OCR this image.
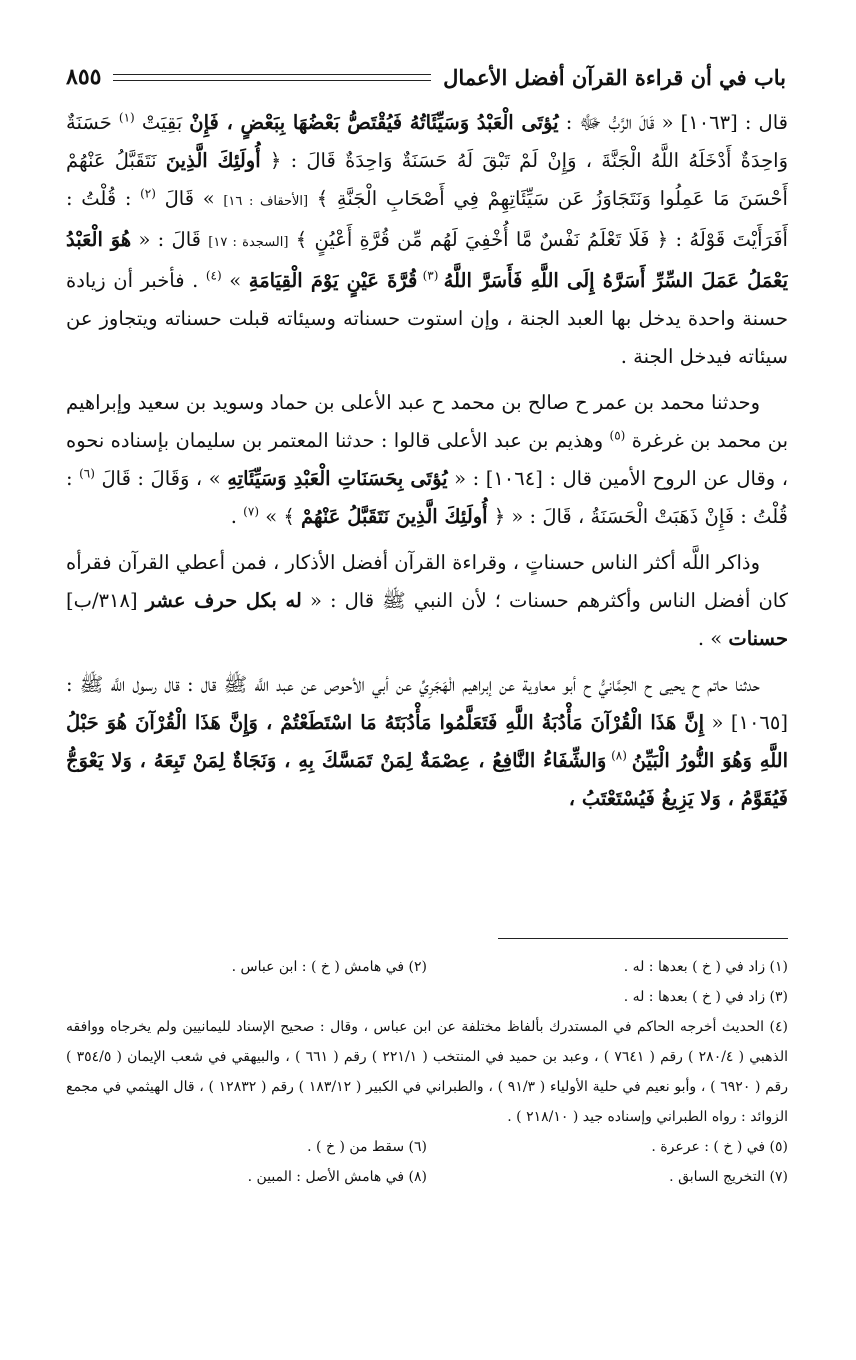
باب في أن قراءة القرآن أفضل الأعمال
٨٥٥

قال : [١٠٦٣] « قَالَ الرَّبُّ ﷻ : يُؤتَى الْعَبْدُ وَسَيِّئَاتُهُ فَيُقْتَصُّ بَعْضُهَا بِبَعْضٍ ، فَإِنْ بَقِيَتْ $^{(١)}$ حَسَنَةٌ وَاحِدَةٌ أَدْخَلَهُ اللَّهُ الْجَنَّةَ ، وَإِنْ لَمْ تَبْقَ لَهُ حَسَنَةٌ وَاحِدَةٌ قَالَ : ﴿ أُولَئِكَ الَّذِينَ نَتَقَبَّلُ عَنْهُمْ أَحْسَنَ مَا عَمِلُوا وَنَتَجَاوَزُ عَن سَيِّئَاتِهِمْ فِي أَصْحَابِ الْجَنَّةِ ﴾ [الأحقاف : ١٦] » قَالَ $^{(٢)}$ : قُلْتُ : أَفَرَأَيْتَ قَوْلَهُ : ﴿ فَلَا تَعْلَمُ نَفْسٌ مَّا أُخْفِيَ لَهُم مِّن قُرَّةِ أَعْيُنٍ ﴾ [السجدة : ١٧] قَالَ : « هُوَ الْعَبْدُ يَعْمَلُ عَمَلَ السِّرِّ أَسَرَّهُ إِلَى اللَّهِ فَأَسَرَّ اللَّهُ $^{(٣)}$ قُرَّةَ عَيْنٍ يَوْمَ الْقِيَامَةِ » $^{(٤)}$ . فأخبر أن زيادة حسنة واحدة يدخل بها العبد الجنة ، وإن استوت حسناته وسيئاته قبلت حسناته ويتجاوز عن سيئاته فيدخل الجنة .

وحدثنا محمد بن عمر ح صالح بن محمد ح عبد الأعلى بن حماد وسويد بن سعيد وإبراهيم بن محمد بن غرغرة $^{(٥)}$ وهذيم بن عبد الأعلى قالوا : حدثنا المعتمر بن سليمان بإسناده نحوه ، وقال عن الروح الأمين قال : [١٠٦٤] : « يُؤتَى بِحَسَنَاتِ الْعَبْدِ وَسَيِّئَاتِهِ » ، وَقَالَ : قَالَ $^{(٦)}$ : قُلْتُ : فَإِنْ ذَهَبَتْ الْحَسَنَةُ ، قَالَ : « ﴿ أُولَئِكَ الَّذِينَ نَتَقَبَّلُ عَنْهُمْ ﴾ » $^{(٧)}$ .

وذاكر اللَّه أكثر الناس حسناتٍ ، وقراءة القرآن أفضل الأذكار ، فمن أعطي القرآن فقرأه كان أفضل الناس وأكثرهم حسنات ؛ لأن النبي ﷺ قال : « له بكل حرف عشر [٣١٨/ب] حسنات » .

حدثنا حاتم ح يحيى ح الحِمَّانيُّ ح أبو معاوية عن إبراهيم الْهَجَرِيِّ عن أبي الأحوص عن عبد اللَّه ﷺ قال : قال رسول اللَّه ﷺ : [١٠٦٥] « إِنَّ هَذَا الْقُرْآنَ مَأْدُبَةُ اللَّهِ فَتَعَلَّمُوا مَأْدُبَتَهُ مَا اسْتَطَعْتُمْ ، وَإِنَّ هَذَا الْقُرْآنَ هُوَ حَبْلُ اللَّهِ وَهُوَ النُّورُ الْبَيِّنُ $^{(٨)}$ وَالشِّفَاءُ النَّافِعُ ، عِصْمَةٌ لِمَنْ تَمَسَّكَ بِهِ ، وَنَجَاةٌ لِمَنْ تَبِعَهُ ، وَلا يَعْوَجُّ فَيُقَوَّمُ ، وَلا يَزِيغُ فَيُسْتَعْتَبُ ،

(١) زاد في ( خ ) بعدها : له .
(٢) في هامش ( خ ) : ابن عباس .
(٣) زاد في ( خ ) بعدها : له .
(٤) الحديث أخرجه الحاكم في المستدرك بألفاظ مختلفة عن ابن عباس ، وقال : صحيح الإسناد لليمانيين ولم يخرجاه ووافقه الذهبي ( ٢٨٠/٤ ) رقم ( ٧٦٤١ ) ، وعبد بن حميد في المنتخب ( ٢٢١/١ ) رقم ( ٦٦١ ) ، والبيهقي في شعب الإيمان ( ٣٥٤/٥ ) رقم ( ٦٩٢٠ ) ، وأبو نعيم في حلية الأولياء ( ٩١/٣ ) ، والطبراني في الكبير ( ١٨٣/١٢ ) رقم ( ١٢٨٣٢ ) ، قال الهيثمي في مجمع الزوائد : رواه الطبراني وإسناده جيد ( ٢١٨/١٠ ) .
(٥) في ( خ ) : عرعرة .
(٦) سقط من ( خ ) .
(٧) التخريج السابق .
(٨) في هامش الأصل : المبين .
